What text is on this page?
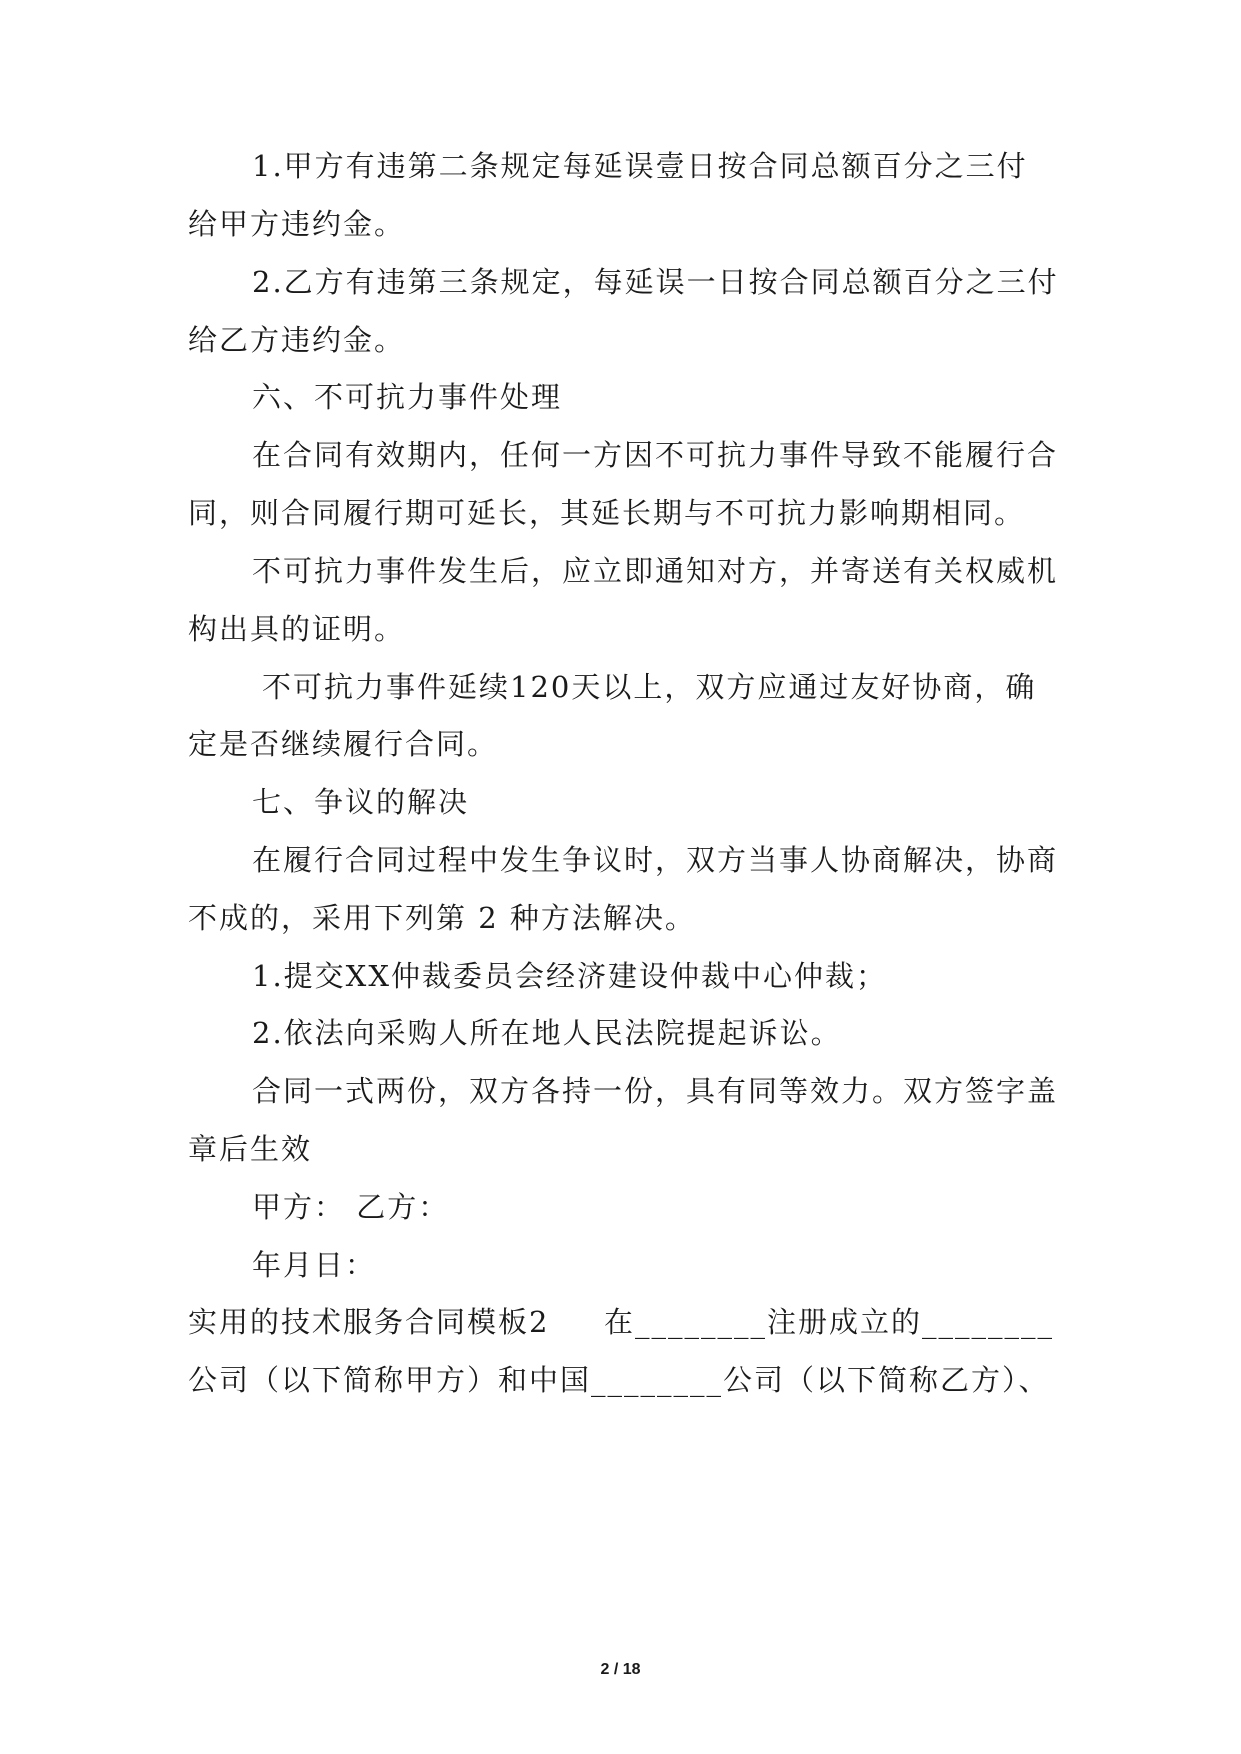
1.甲方有违第二条规定每延误壹日按合同总额百分之三付

给甲方违约金。

2.乙方有违第三条规定，每延误一日按合同总额百分之三付

给乙方违约金。

六、不可抗力事件处理

在合同有效期内，任何一方因不可抗力事件导致不能履行合

同，则合同履行期可延长，其延长期与不可抗力影响期相同。

不可抗力事件发生后，应立即通知对方，并寄送有关权威机

构出具的证明。

不可抗力事件延续120天以上，双方应通过友好协商，确

定是否继续履行合同。

七、争议的解决

在履行合同过程中发生争议时，双方当事人协商解决，协商

不成的，采用下列第 2 种方法解决。

1.提交XX仲裁委员会经济建设仲裁中心仲裁；

2.依法向采购人所在地人民法院提起诉讼。

合同一式两份，双方各持一份，具有同等效力。双方签字盖

章后生效

甲方： 乙方：

年月日：

实用的技术服务合同模板2 在________注册成立的________

公司（以下简称甲方）和中国________公司（以下简称乙方）、

2 / 18
